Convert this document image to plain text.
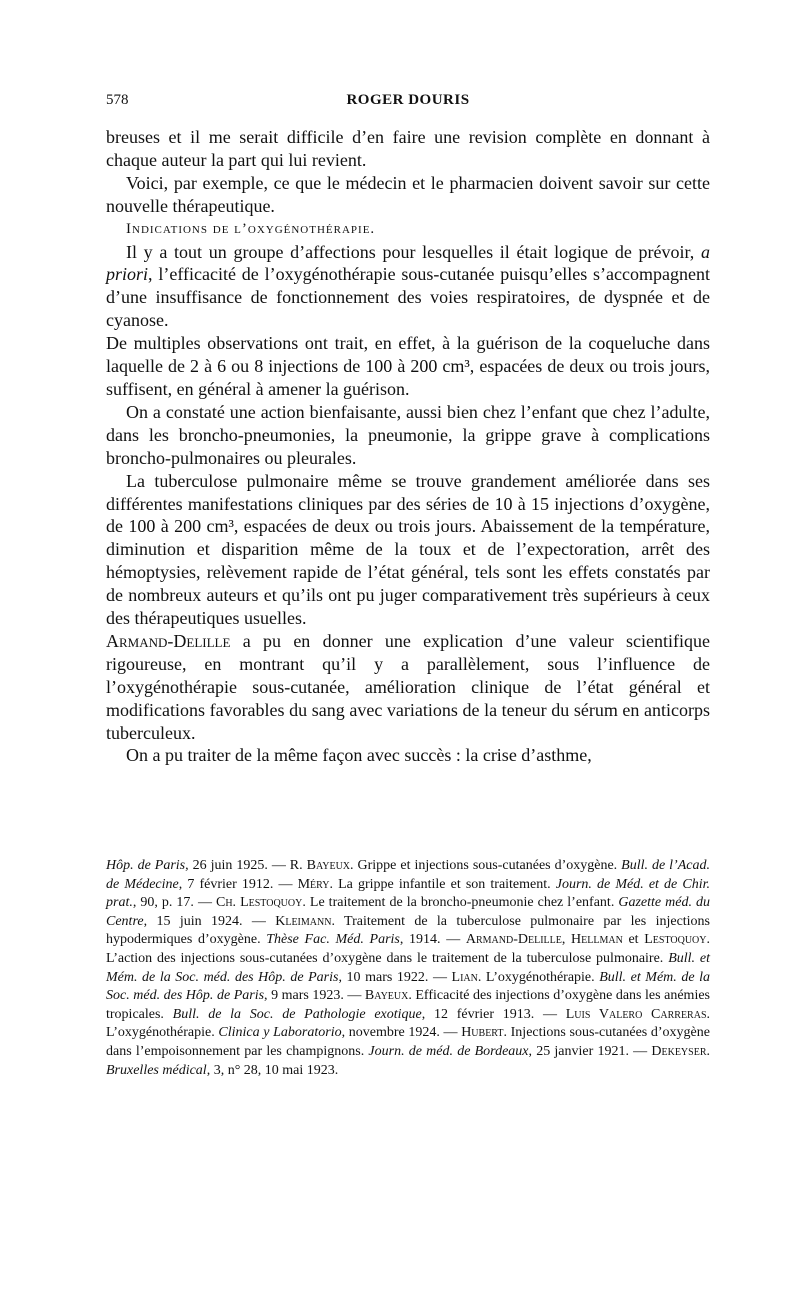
578	ROGER DOURIS

breuses et il me serait difficile d’en faire une revision complète en donnant à chaque auteur la part qui lui revient.

Voici, par exemple, ce que le médecin et le pharmacien doivent savoir sur cette nouvelle thérapeutique.

Indications de l’oxygénothérapie.

Il y a tout un groupe d’affections pour lesquelles il était logique de prévoir, a priori, l’efficacité de l’oxygénothérapie sous-cutanée puisqu’elles s’accompagnent d’une insuffisance de fonctionnement des voies respiratoires, de dyspnée et de cyanose.

De multiples observations ont trait, en effet, à la guérison de la coqueluche dans laquelle de 2 à 6 ou 8 injections de 100 à 200 cm³, espacées de deux ou trois jours, suffisent, en général à amener la guérison.

On a constaté une action bienfaisante, aussi bien chez l’enfant que chez l’adulte, dans les broncho-pneumonies, la pneumonie, la grippe grave à complications broncho-pulmonaires ou pleurales.

La tuberculose pulmonaire même se trouve grandement améliorée dans ses différentes manifestations cliniques par des séries de 10 à 15 injections d’oxygène, de 100 à 200 cm³, espacées de deux ou trois jours. Abaissement de la température, diminution et disparition même de la toux et de l’expectoration, arrêt des hémoptysies, relèvement rapide de l’état général, tels sont les effets constatés par de nombreux auteurs et qu’ils ont pu juger comparativement très supérieurs à ceux des thérapeutiques usuelles.

Armand-Delille a pu en donner une explication d’une valeur scientifique rigoureuse, en montrant qu’il y a parallèlement, sous l’influence de l’oxygénothérapie sous-cutanée, amélioration clinique de l’état général et modifications favorables du sang avec variations de la teneur du sérum en anticorps tuberculeux.

On a pu traiter de la même façon avec succès : la crise d’asthme,

Hôp. de Paris, 26 juin 1925. — R. Bayeux. Grippe et injections sous-cutanées d’oxygène. Bull. de l’Acad. de Médecine, 7 février 1912. — Méry. La grippe infantile et son traitement. Journ. de Méd. et de Chir. prat., 90, p. 17. — Ch. Lestoquoy. Le traitement de la broncho-pneumonie chez l’enfant. Gazette méd. du Centre, 15 juin 1924. — Kleimann. Traitement de la tuberculose pulmonaire par les injections hypodermiques d’oxygène. Thèse Fac. Méd. Paris, 1914. — Armand-Delille, Hellman et Lestoquoy. L’action des injections sous-cutanées d’oxygène dans le traitement de la tuberculose pulmonaire. Bull. et Mém. de la Soc. méd. des Hôp. de Paris, 10 mars 1922. — Lian. L’oxygénothérapie. Bull. et Mém. de la Soc. méd. des Hôp. de Paris, 9 mars 1923. — Bayeux. Efficacité des injections d’oxygène dans les anémies tropicales. Bull. de la Soc. de Pathologie exotique, 12 février 1913. — Luis Valero Carreras. L’oxygénothérapie. Clinica y Laboratorio, novembre 1924. — Hubert. Injections sous-cutanées d’oxygène dans l’empoisonnement par les champignons. Journ. de méd. de Bordeaux, 25 janvier 1921. — Dekeyser. Bruxelles médical, 3, n° 28, 10 mai 1923.
